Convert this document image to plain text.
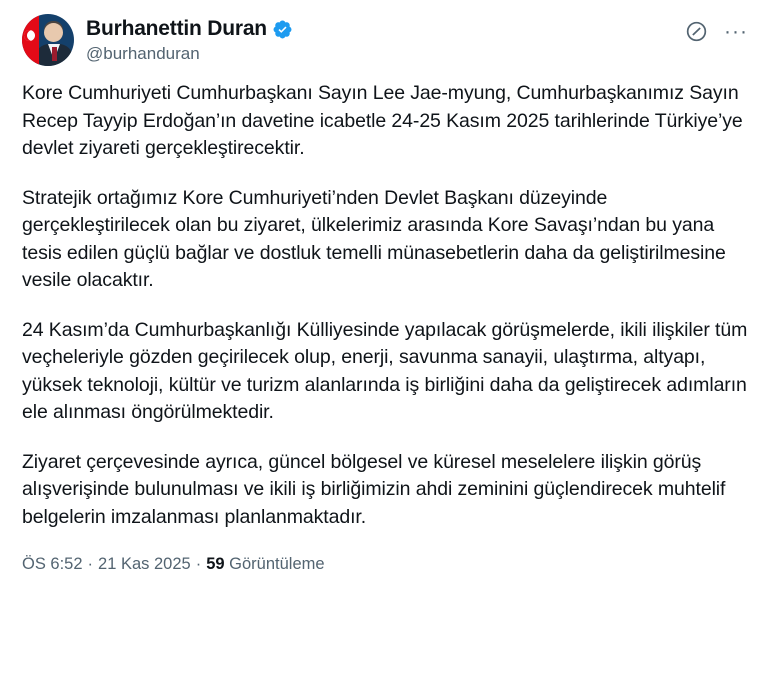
Burhanettin Duran
@burhanduran
···

Kore Cumhuriyeti Cumhurbaşkanı Sayın Lee Jae-myung, Cumhurbaşkanımız Sayın Recep Tayyip Erdoğan’ın davetine icabetle 24-25 Kasım 2025 tarihlerinde Türkiye’ye devlet ziyareti gerçekleştirecektir.

Stratejik ortağımız Kore Cumhuriyeti’nden Devlet Başkanı düzeyinde gerçekleştirilecek olan bu ziyaret, ülkelerimiz arasında Kore Savaşı’ndan bu yana tesis edilen güçlü bağlar ve dostluk temelli münasebetlerin daha da geliştirilmesine vesile olacaktır.

24 Kasım’da Cumhurbaşkanlığı Külliyesinde yapılacak görüşmelerde, ikili ilişkiler tüm veçheleriyle gözden geçirilecek olup, enerji, savunma sanayii, ulaştırma, altyapı, yüksek teknoloji, kültür ve turizm alanlarında iş birliğini daha da geliştirecek adımların ele alınması öngörülmektedir.

Ziyaret çerçevesinde ayrıca, güncel bölgesel ve küresel meselelere ilişkin görüş alışverişinde bulunulması ve ikili iş birliğimizin ahdi zeminini güçlendirecek muhtelif belgelerin imzalanması planlanmaktadır.

ÖS 6:52 · 21 Kas 2025 · 59
Görüntüleme
